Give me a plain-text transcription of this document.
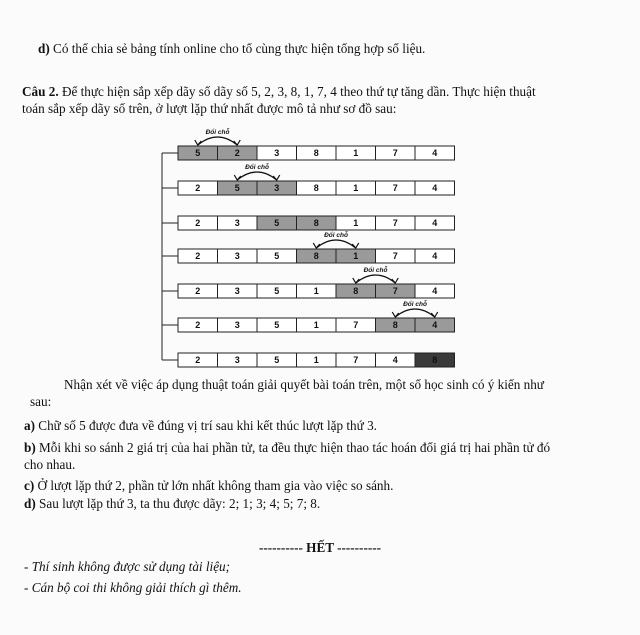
d) Có thể chia sẻ bảng tính online cho tổ cùng thực hiện tổng hợp số liệu.
Câu 2. Để thực hiện sắp xếp dãy số dãy số 5, 2, 3, 8, 1, 7, 4 theo thứ tự tăng dần. Thực hiện thuật
toán sắp xếp dãy số trên, ở lượt lặp thứ nhất được mô tả như sơ đồ sau:
5	2	3	8	1	7	4
Đổi chỗ
2	5	3	8	1	7	4
Đổi chỗ
2	3	5	8	1	7	4
2	3	5	8	1	7	4
Đổi chỗ
2	3	5	1	8	7	4
Đổi chỗ
2	3	5	1	7	8	4
Đổi chỗ
2	3	5	1	7	4	8
Nhận xét về việc áp dụng thuật toán giải quyết bài toán trên, một số học sinh có ý kiến như
sau:
a) Chữ số 5 được đưa về đúng vị trí sau khi kết thúc lượt lặp thứ 3.
b) Mỗi khi so sánh 2 giá trị của hai phần tử, ta đều thực hiện thao tác hoán đổi giá trị hai phần tử đó
cho nhau.
c) Ở lượt lặp thứ 2, phần tử lớn nhất không tham gia vào việc so sánh.
d) Sau lượt lặp thứ 3, ta thu được dãy: 2; 1; 3; 4; 5; 7; 8.
---------- HẾT ----------
- Thí sinh không được sử dụng tài liệu;
- Cán bộ coi thi không giải thích gì thêm.
